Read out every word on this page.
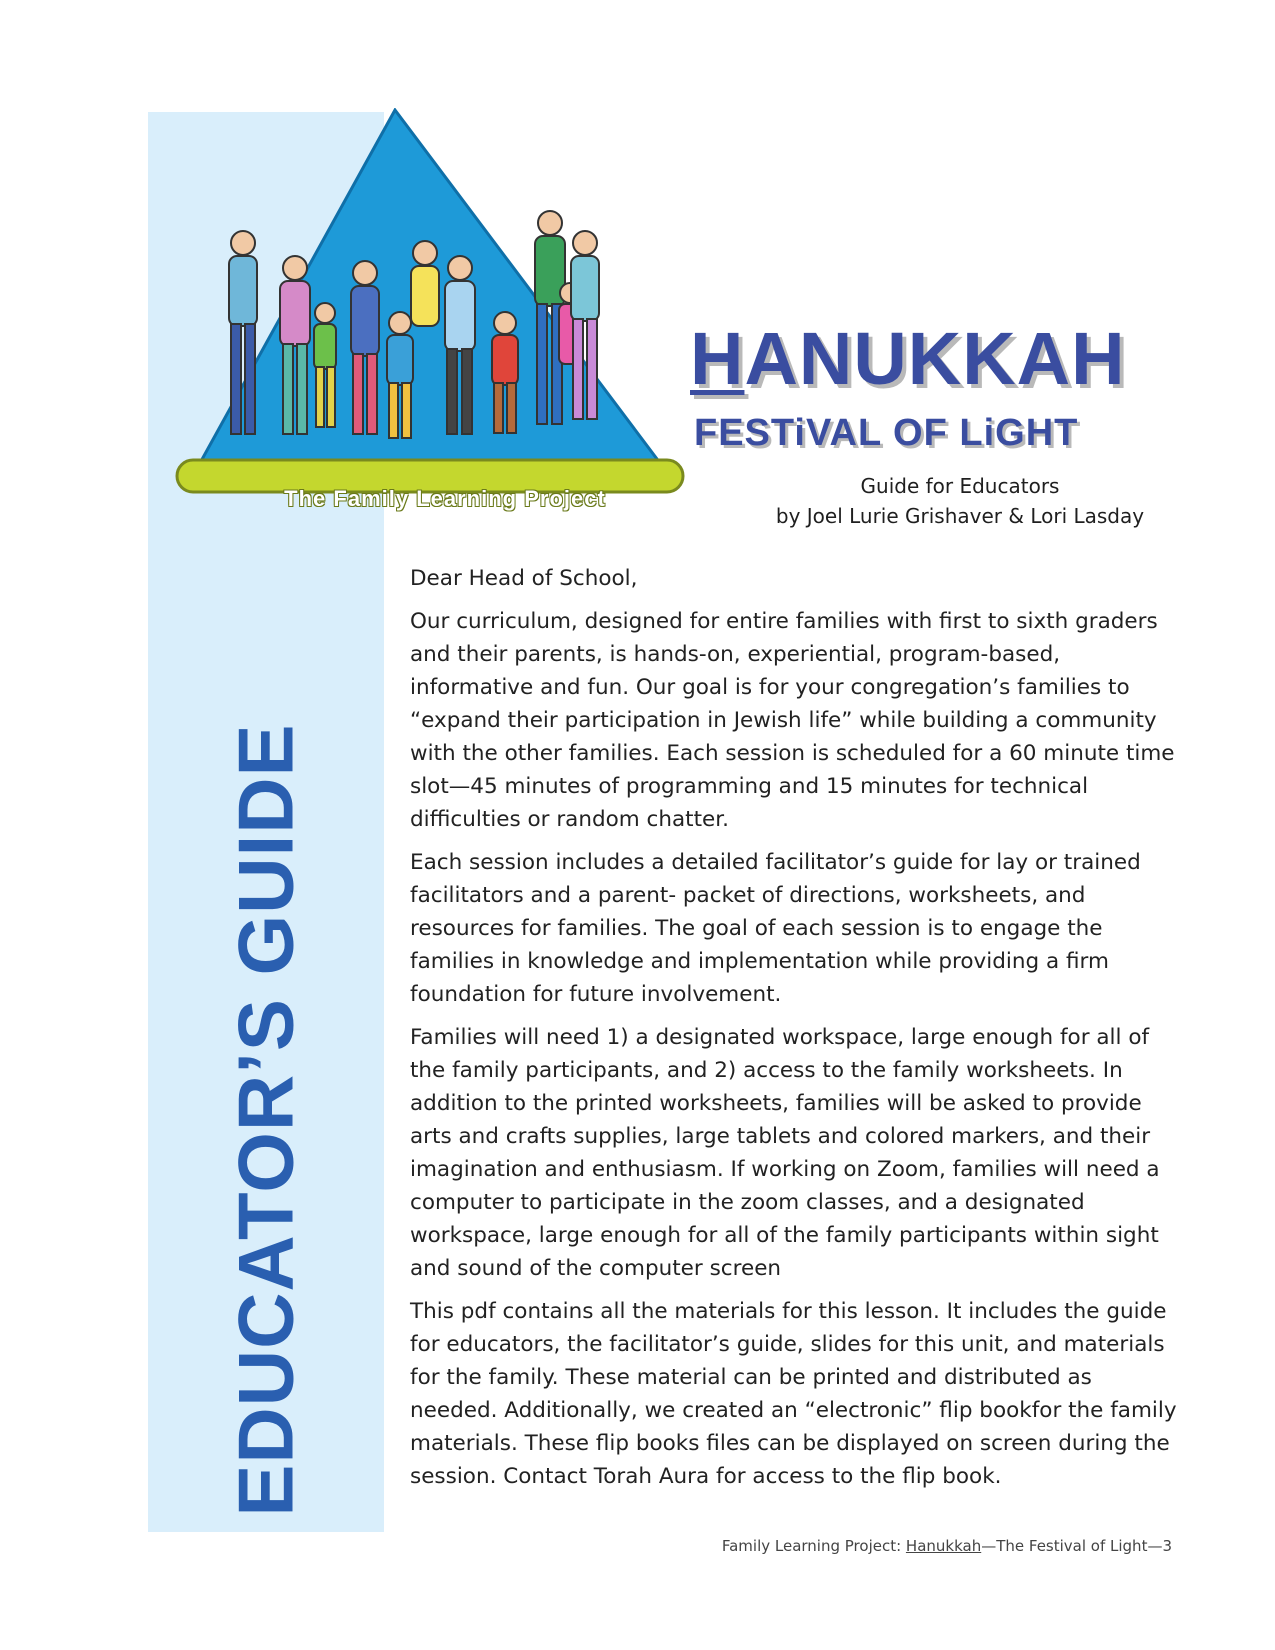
EDUCATOR’S GUIDE
The Family Learning Project
HANUKKAH
FESTiVAL OF LiGHT
Guide for Educators
by Joel Lurie Grishaver & Lori Lasday

Dear Head of School,

Our curriculum, designed for entire families with first to sixth graders and their parents, is hands-on, experiential, program-based, informative and fun. Our goal is for your congregation’s families to “expand their participation in Jewish life” while building a community with the other families. Each session is scheduled for a 60 minute time slot—45 minutes of programming and 15 minutes for technical difficulties or random chatter.

Each session includes a detailed facilitator’s guide for lay or trained facilitators and a parent- packet of directions, worksheets, and resources for families. The goal of each session is to engage the families in knowledge and implementation while providing a firm foundation for future involvement.

Families will need 1) a designated workspace, large enough for all of the family participants, and 2) access to the family worksheets. In addition to the printed worksheets, families will be asked to provide arts and crafts supplies, large tablets and colored markers, and their imagination and enthusiasm. If working on Zoom, families will need a computer to participate in the zoom classes, and a designated workspace, large enough for all of the family participants within sight and sound of the computer screen

This pdf contains all the materials for this lesson. It includes the guide for educators, the facilitator’s guide, slides for this unit, and materials for the family. These material can be printed and distributed as needed. Additionally, we created an “electronic” flip bookfor the family materials. These flip books files can be displayed on screen during the session. Contact Torah Aura for access to the flip book.

Family Learning Project: Hanukkah—The Festival of Light—3
